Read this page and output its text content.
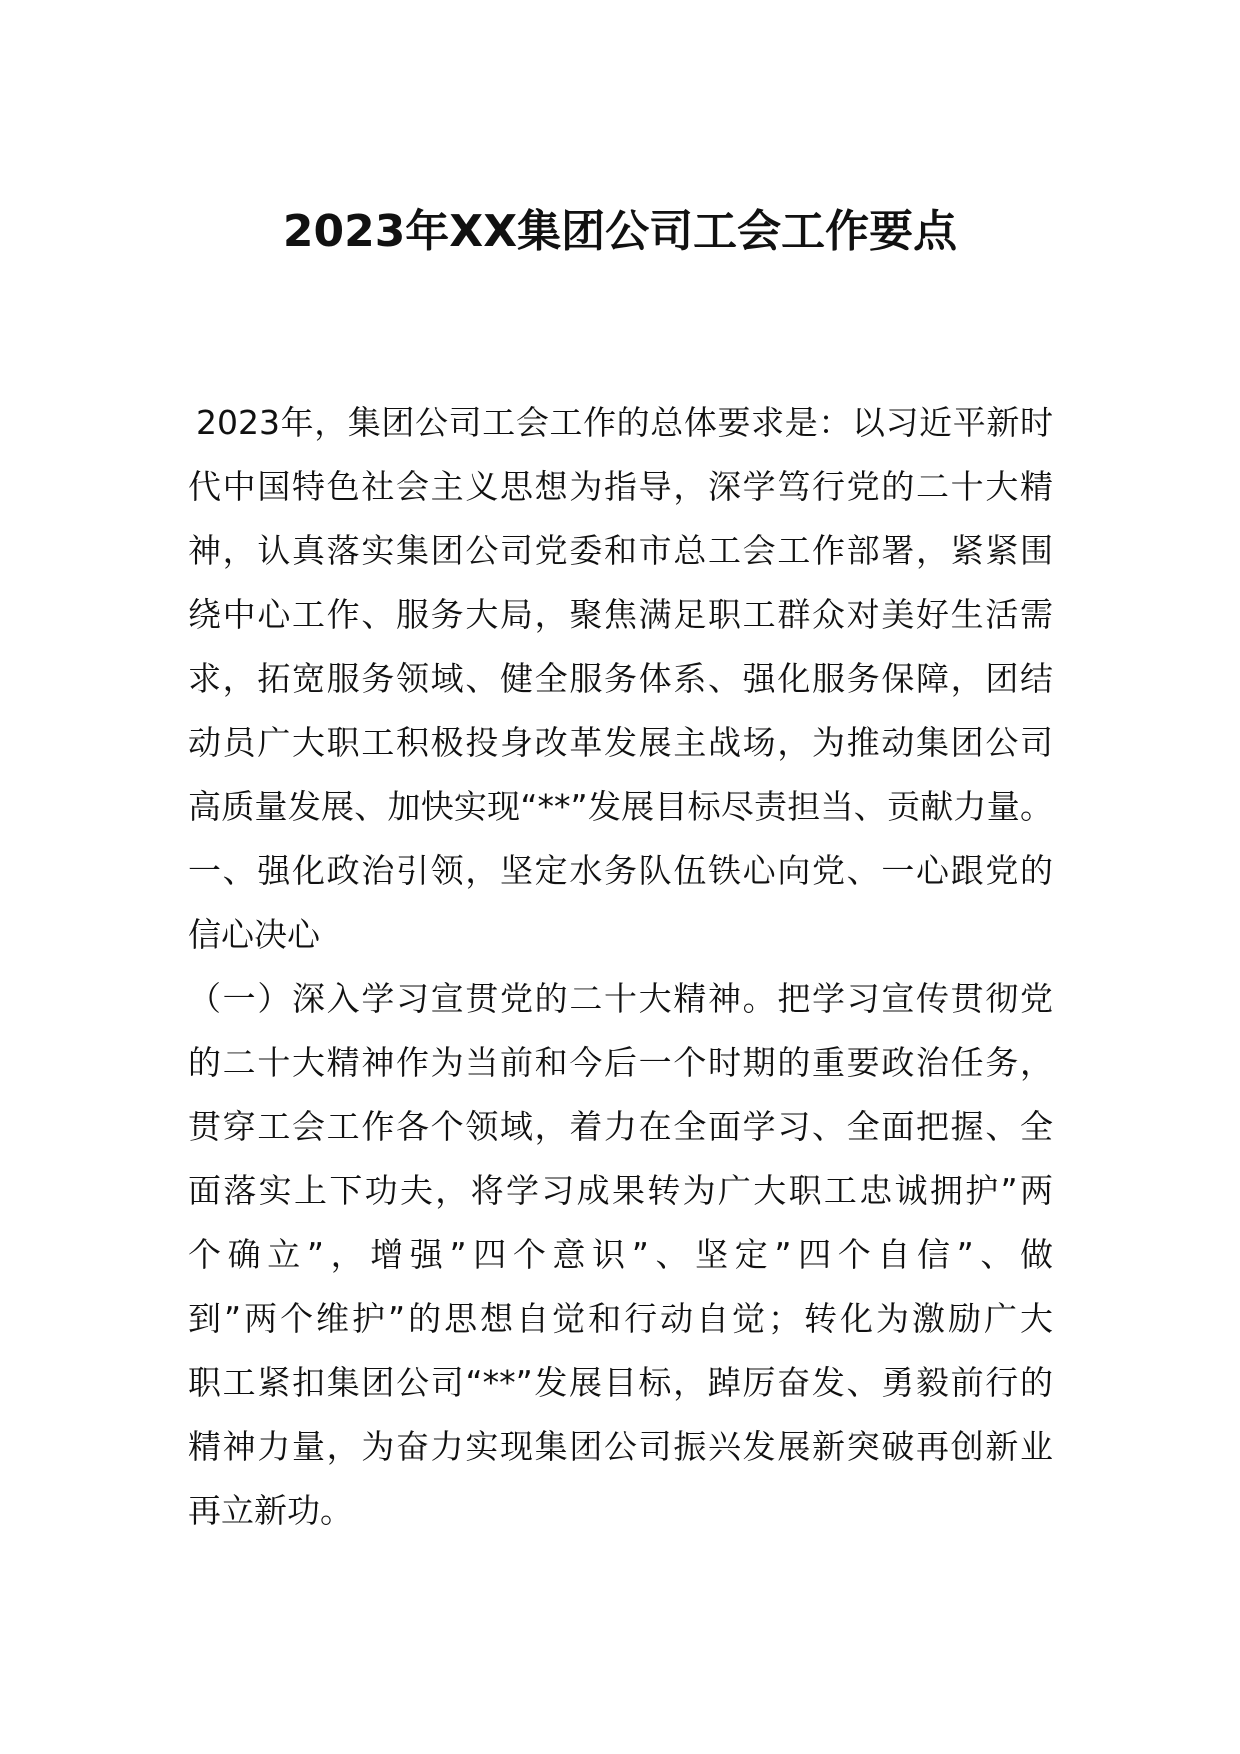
2023年XX集团公司工会工作要点
2023年，集团公司工会工作的总体要求是：以习近平新时
代中国特色社会主义思想为指导，深学笃行党的二十大精
神，认真落实集团公司党委和市总工会工作部署，紧紧围
绕中心工作、服务大局，聚焦满足职工群众对美好生活需
求，拓宽服务领域、健全服务体系、强化服务保障，团结
动员广大职工积极投身改革发展主战场，为推动集团公司
高质量发展、加快实现“**”发展目标尽责担当、贡献力量。
一、强化政治引领，坚定水务队伍铁心向党、一心跟党的
信心决心
（一）深入学习宣贯党的二十大精神。把学习宣传贯彻党
的二十大精神作为当前和今后一个时期的重要政治任务，
贯穿工会工作各个领域，着力在全面学习、全面把握、全
面落实上下功夫，将学习成果转为广大职工忠诚拥护”两
个确立”，增强”四个意识”、坚定”四个自信”、做
到”两个维护”的思想自觉和行动自觉；转化为激励广大
职工紧扣集团公司“**”发展目标，踔厉奋发、勇毅前行的
精神力量，为奋力实现集团公司振兴发展新突破再创新业
再立新功。
